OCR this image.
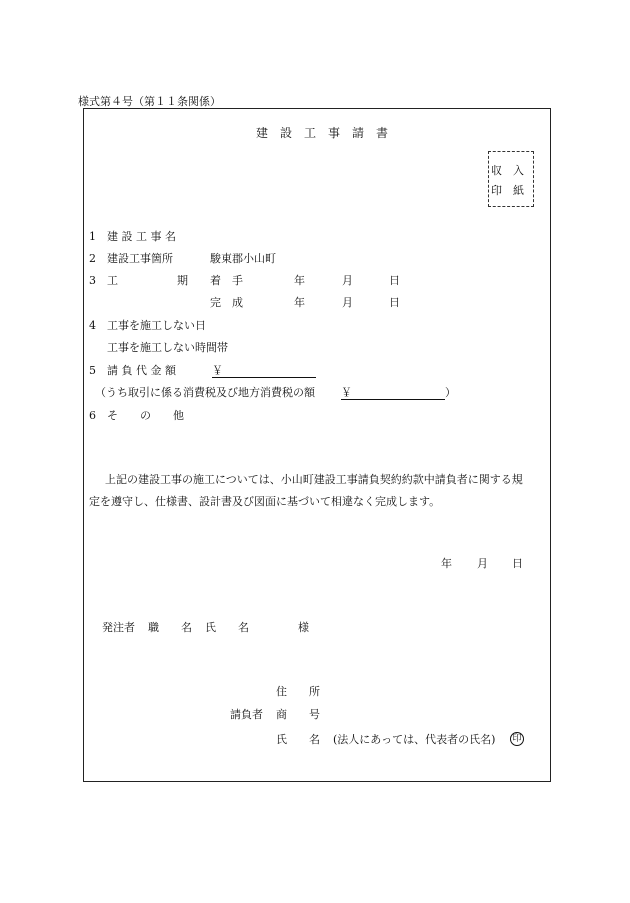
様式第４号（第１１条関係）
建　設　工　事　請　書
収　入
印　紙
1 建 設 工 事 名
2 建設工事箇所	駿東郡小山町
3 工	期 着　手	年	月	日
完　成	年	月	日
4 工事を施工しない日
工事を施工しない時間帯
5 請 負 代 金 額	￥
（うち取引に係る消費税及び地方消費税の額 ￥	）
6 そ　　の　　他
上記の建設工事の施工については、小山町建設工事請負契約約款中請負者に関する規
定を遵守し、仕様書、設計書及び図面に基づいて相違なく完成します。
年 月 日
発注者 職　　名 氏　　名	様
住　　所
請負者 商　　号
氏　　名 (法人にあっては、代表者の氏名) 印
